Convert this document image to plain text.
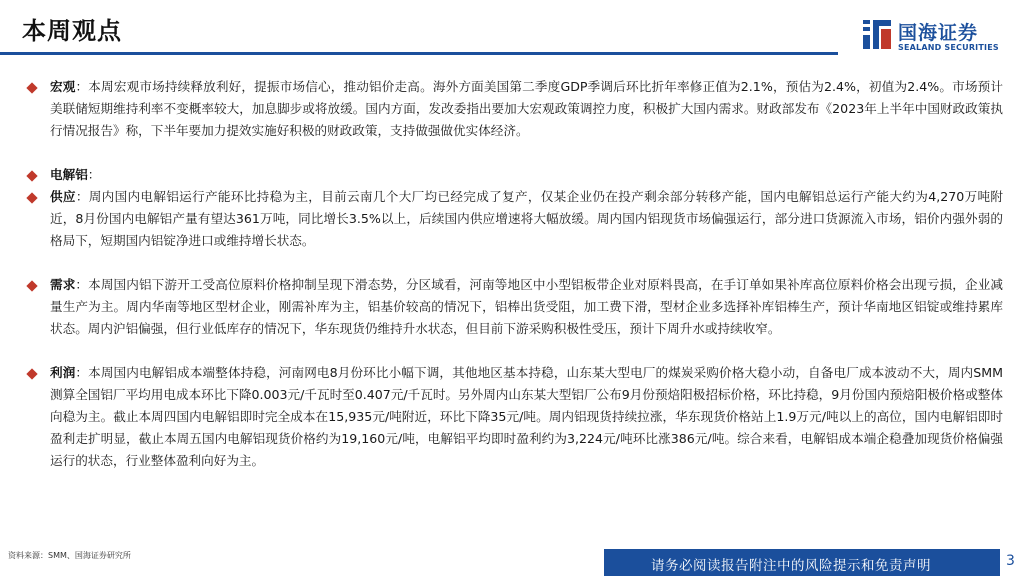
本周观点	国海证券
SEALAND SECURITIES
宏观：本周宏观市场持续释放利好，提振市场信心，推动铝价走高。海外方面美国第二季度GDP季调后环比折年率修正值为2.1%，预估为2.4%，初值为2.4%。市场预计美联储短期维持利率不变概率较大，加息脚步或将放缓。国内方面，发改委指出要加大宏观政策调控力度，积极扩大国内需求。财政部发布《2023年上半年中国财政政策执行情况报告》称，下半年要加力提效实施好积极的财政政策，支持做强做优实体经济。
电解铝：
供应：周内国内电解铝运行产能环比持稳为主，目前云南几个大厂均已经完成了复产，仅某企业仍在投产剩余部分转移产能，国内电解铝总运行产能大约为4,270万吨附近，8月份国内电解铝产量有望达361万吨，同比增长3.5%以上，后续国内供应增速将大幅放缓。周内国内铝现货市场偏强运行，部分进口货源流入市场，铝价内强外弱的格局下，短期国内铝锭净进口或维持增长状态。
需求：本周国内铝下游开工受高位原料价格抑制呈现下滑态势，分区域看，河南等地区中小型铝板带企业对原料畏高，在手订单如果补库高位原料价格会出现亏损，企业减量生产为主。周内华南等地区型材企业，刚需补库为主，铝基价较高的情况下，铝棒出货受阻，加工费下滑，型材企业多选择补库铝棒生产，预计华南地区铝锭或维持累库状态。周内沪铝偏强，但行业低库存的情况下，华东现货仍维持升水状态，但目前下游采购积极性受压，预计下周升水或持续收窄。
利润：本周国内电解铝成本端整体持稳，河南网电8月份环比小幅下调，其他地区基本持稳，山东某大型电厂的煤炭采购价格大稳小动，自备电厂成本波动不大，周内SMM测算全国铝厂平均用电成本环比下降0.003元/千瓦时至0.407元/千瓦时。另外周内山东某大型铝厂公布9月份预焙阳极招标价格，环比持稳，9月份国内预焙阳极价格或整体向稳为主。截止本周四国内电解铝即时完全成本在15,935元/吨附近，环比下降35元/吨。周内铝现货持续拉涨，华东现货价格站上1.9万元/吨以上的高位，国内电解铝即时盈利走扩明显，截止本周五国内电解铝现货价格约为19,160元/吨，电解铝平均即时盈利约为3,224元/吨环比涨386元/吨。综合来看，电解铝成本端企稳叠加现货价格偏强运行的状态，行业整体盈利向好为主。
资料来源：SMM、国海证券研究所
请务必阅读报告附注中的风险提示和免责声明	3
